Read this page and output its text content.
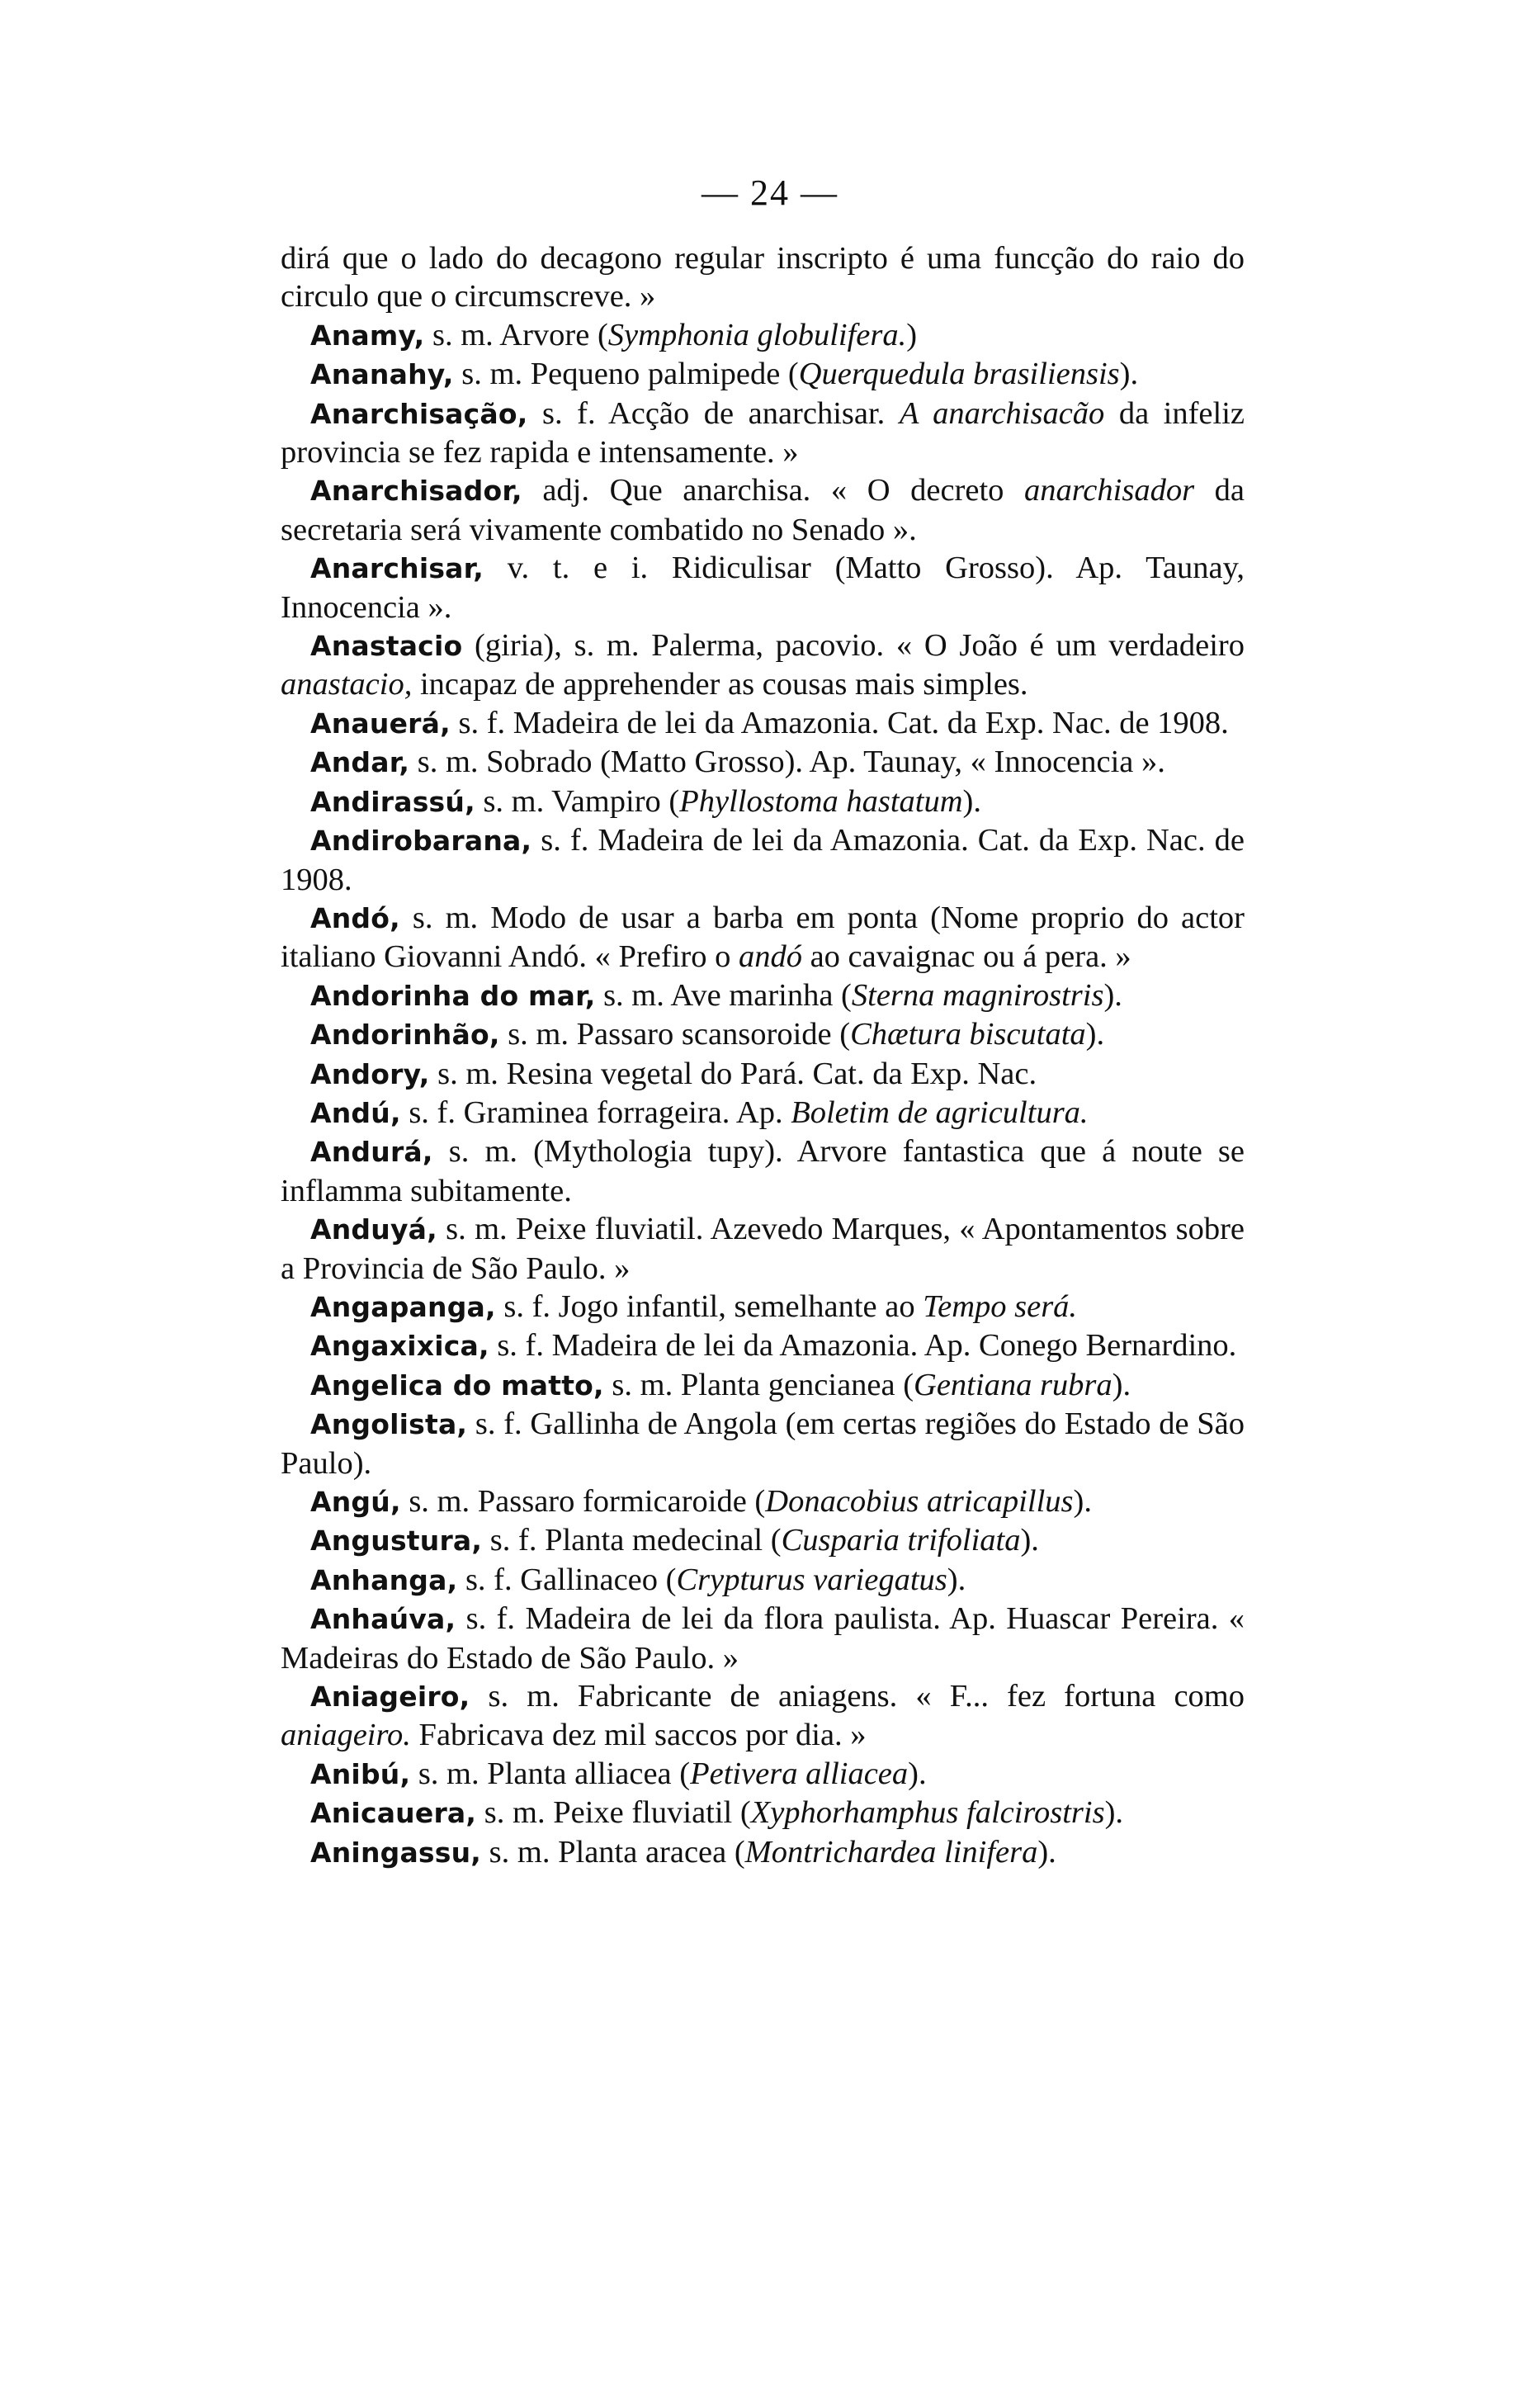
— 24 —

dirá que o lado do decagono regular inscripto é uma funcção do raio do circulo que o circumscreve. »

Anamy, s. m. Arvore (Symphonia globulifera.)

Ananahy, s. m. Pequeno palmipede (Querquedula brasiliensis).

Anarchisação, s. f. Acção de anarchisar. A anarchisacão da infeliz provincia se fez rapida e intensamente. »

Anarchisador, adj. Que anarchisa. « O decreto anarchisador da secretaria será vivamente combatido no Senado ».

Anarchisar, v. t. e i. Ridiculisar (Matto Grosso). Ap. Taunay, Innocencia ».

Anastacio (giria), s. m. Palerma, pacovio. « O João é um verdadeiro anastacio, incapaz de apprehender as cousas mais simples.

Anauerá, s. f. Madeira de lei da Amazonia. Cat. da Exp. Nac. de 1908.

Andar, s. m. Sobrado (Matto Grosso). Ap. Taunay, « Innocencia ».

Andirassú, s. m. Vampiro (Phyllostoma hastatum).

Andirobarana, s. f. Madeira de lei da Amazonia. Cat. da Exp. Nac. de 1908.

Andó, s. m. Modo de usar a barba em ponta (Nome proprio do actor italiano Giovanni Andó. « Prefiro o andó ao cavaignac ou á pera. »

Andorinha do mar, s. m. Ave marinha (Sterna magnirostris).

Andorinhão, s. m. Passaro scansoroide (Chætura biscutata).

Andory, s. m. Resina vegetal do Pará. Cat. da Exp. Nac.

Andú, s. f. Graminea forrageira. Ap. Boletim de agricultura.

Andurá, s. m. (Mythologia tupy). Arvore fantastica que á noute se inflamma subitamente.

Anduyá, s. m. Peixe fluviatil. Azevedo Marques, « Apontamentos sobre a Provincia de São Paulo. »

Angapanga, s. f. Jogo infantil, semelhante ao Tempo será.

Angaxixica, s. f. Madeira de lei da Amazonia. Ap. Conego Bernardino.

Angelica do matto, s. m. Planta gencianea (Gentiana rubra).

Angolista, s. f. Gallinha de Angola (em certas regiões do Estado de São Paulo).

Angú, s. m. Passaro formicaroide (Donacobius atricapillus).

Angustura, s. f. Planta medecinal (Cusparia trifoliata).

Anhanga, s. f. Gallinaceo (Crypturus variegatus).

Anhaúva, s. f. Madeira de lei da flora paulista. Ap. Huascar Pereira. « Madeiras do Estado de São Paulo. »

Aniageiro, s. m. Fabricante de aniagens. « F... fez fortuna como aniageiro. Fabricava dez mil saccos por dia. »

Anibú, s. m. Planta alliacea (Petivera alliacea).

Anicauera, s. m. Peixe fluviatil (Xyphorhamphus falcirostris).

Aningassu, s. m. Planta aracea (Montrichardea linifera).
